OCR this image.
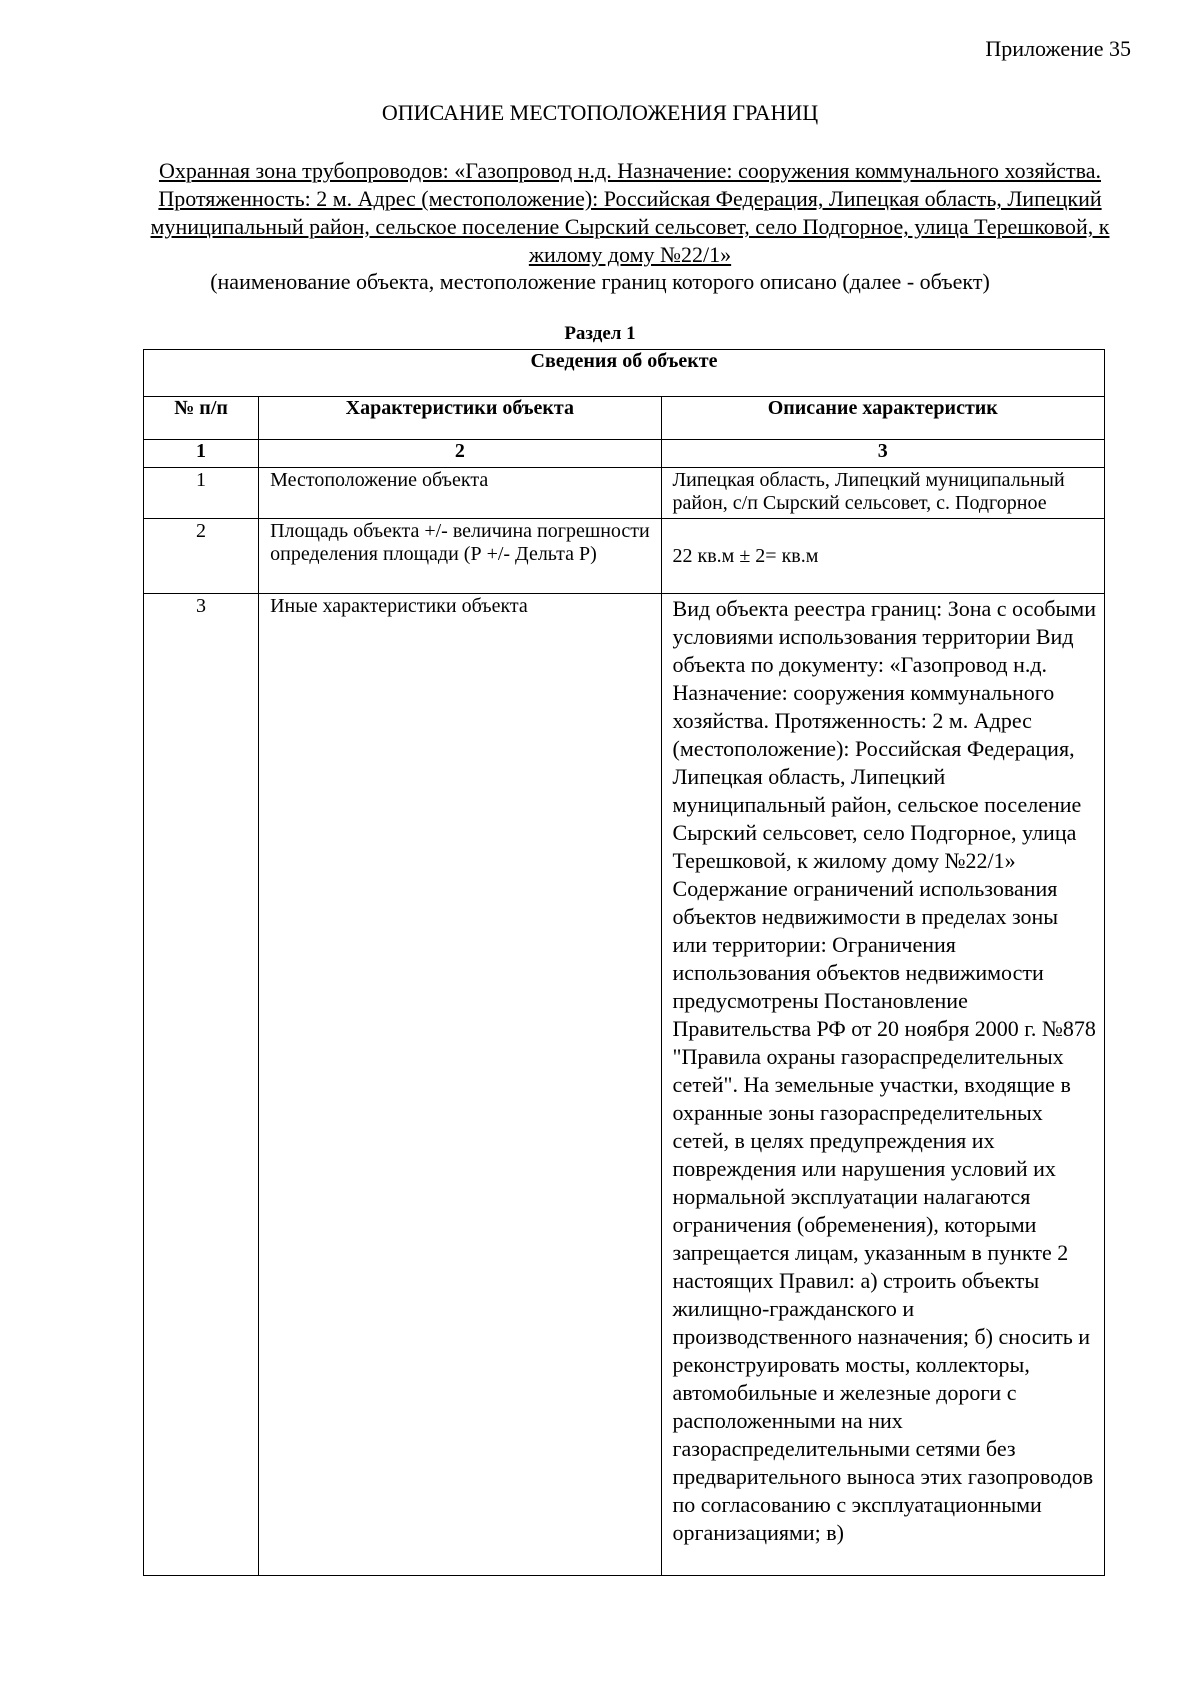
Приложение 35
ОПИСАНИЕ МЕСТОПОЛОЖЕНИЯ ГРАНИЦ
Охранная зона трубопроводов: «Газопровод н.д. Назначение: сооружения коммунального хозяйства. Протяженность: 2 м. Адрес (местоположение): Российская Федерация, Липецкая область, Липецкий муниципальный район, сельское поселение Сырский сельсовет, село Подгорное, улица Терешковой, к жилому дому №22/1»
(наименование объекта, местоположение границ которого описано (далее - объект)
Раздел 1
Сведения об объекте		
№ п/п	Характеристики объекта	Описание характеристик
1	2	3
1	Местоположение объекта	Липецкая область, Липецкий муниципальный район, с/п Сырский сельсовет, с. Подгорное
2	Площадь объекта +/- величина погрешности определения площади (Р +/- Дельта Р)	22 кв.м ± 2= кв.м
3	Иные характеристики объекта	Вид объекта реестра границ: Зона с особыми условиями использования территории Вид объекта по документу: «Газопровод н.д. Назначение: сооружения коммунального хозяйства. Протяженность: 2 м. Адрес (местоположение): Российская Федерация, Липецкая область, Липецкий муниципальный район, сельское поселение Сырский сельсовет, село Подгорное, улица Терешковой, к жилому дому №22/1» Содержание ограничений использования объектов недвижимости в пределах зоны или территории: Ограничения использования объектов недвижимости предусмотрены Постановление Правительства РФ от 20 ноября 2000 г. №878 "Правила охраны газораспределительных сетей". На земельные участки, входящие в охранные зоны газораспределительных сетей, в целях предупреждения их повреждения или нарушения условий их нормальной эксплуатации налагаются ограничения (обременения), которыми запрещается лицам, указанным в пункте 2 настоящих Правил: а) строить объекты жилищно-гражданского и производственного назначения; б) сносить и реконструировать мосты, коллекторы, автомобильные и железные дороги с расположенными на них газораспределительными сетями без предварительного выноса этих газопроводов по согласованию с эксплуатационными организациями; в)
